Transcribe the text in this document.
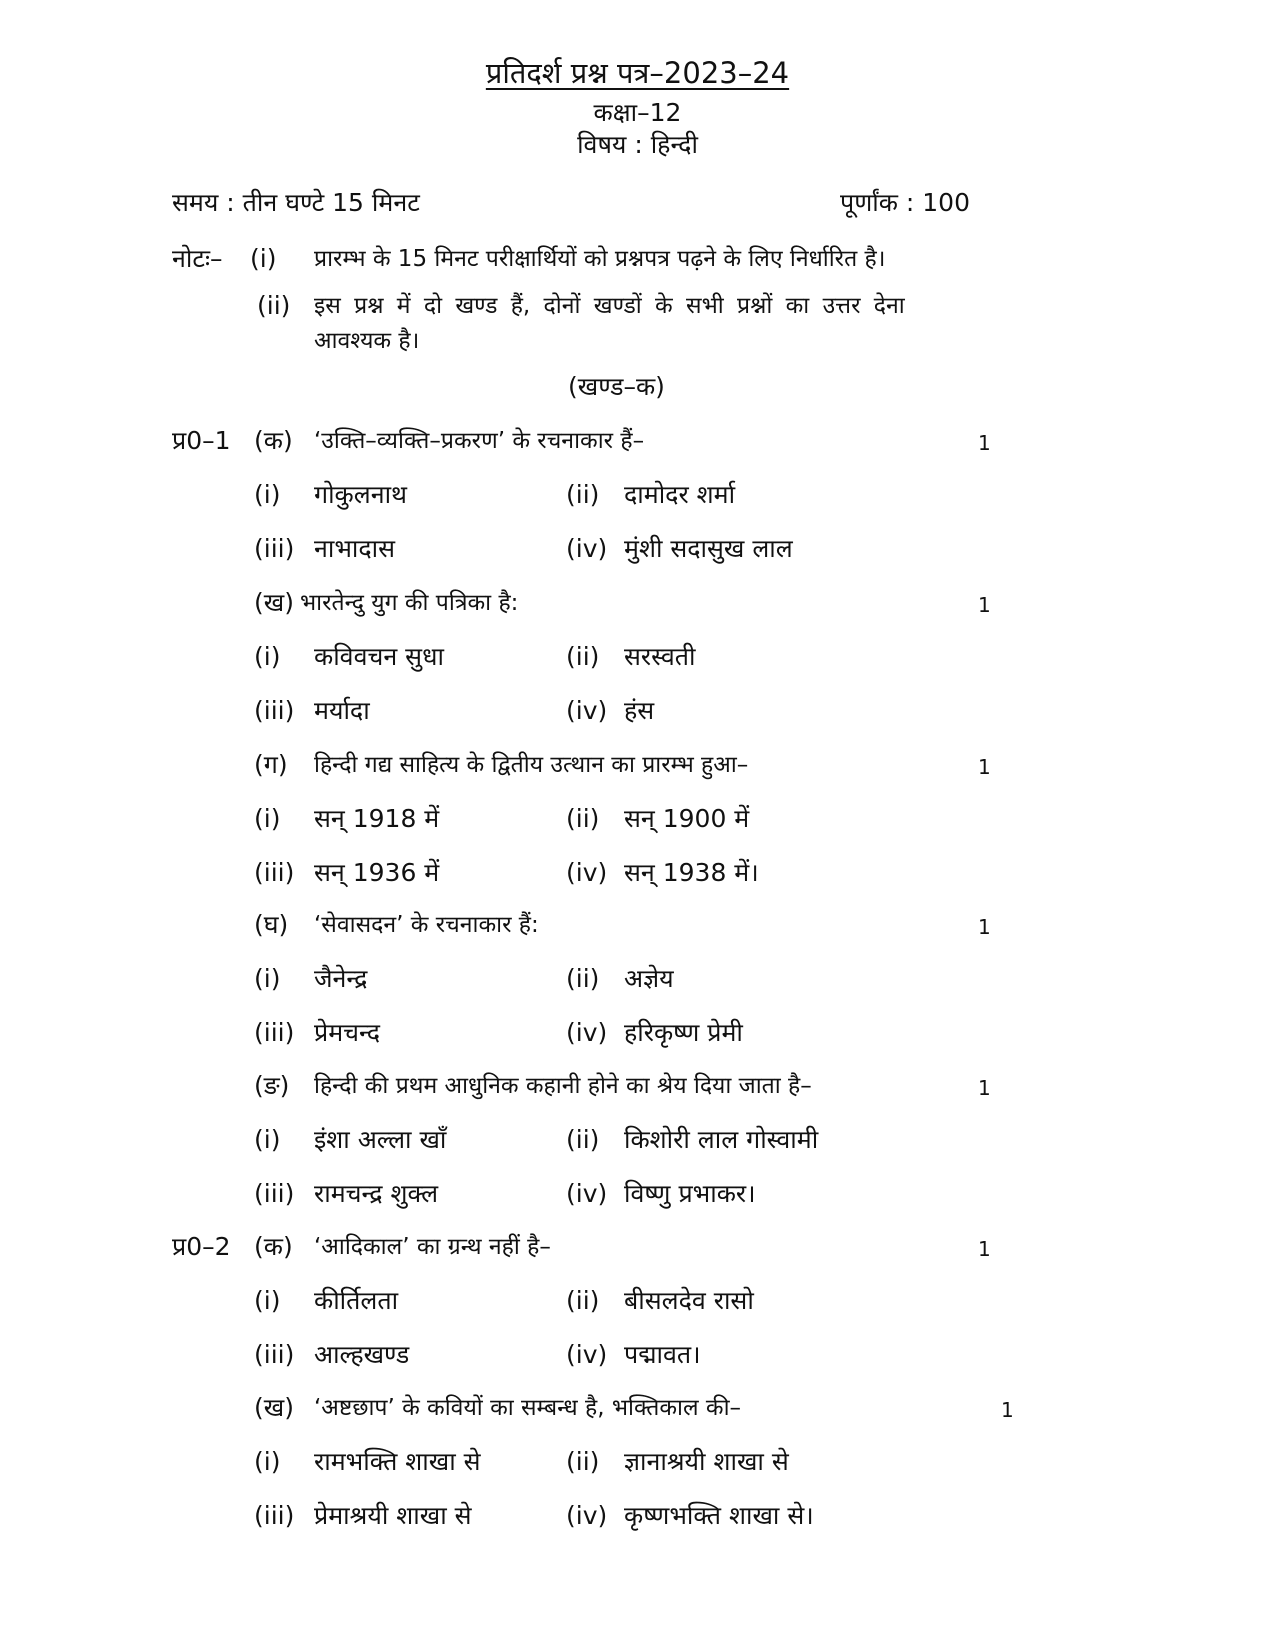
प्रतिदर्श प्रश्न पत्र–2023–24
कक्षा–12
विषय : हिन्दी
समय : तीन घण्टे 15 मिनट	पूर्णांक : 100
नोटः– (i) प्रारम्भ के 15 मिनट परीक्षार्थियों को प्रश्नपत्र पढ़ने के लिए निर्धारित है।
(ii) इस प्रश्न में दो खण्ड हैं, दोनों खण्डों के सभी प्रश्नों का उत्तर देना
आवश्यक है।
(खण्ड–क)
प्र0–1 (क) ‘उक्ति–व्यक्ति–प्रकरण’ के रचनाकार हैं–	1
(i) गोकुलनाथ	(ii) दामोदर शर्मा
(iii) नाभादास	(iv) मुंशी सदासुख लाल
(ख) भारतेन्दु युग की पत्रिका है:	1
(i) कविवचन सुधा	(ii) सरस्वती
(iii) मर्यादा	(iv) हंस
(ग) हिन्दी गद्य साहित्य के द्वितीय उत्थान का प्रारम्भ हुआ–	1
(i) सन् 1918 में	(ii) सन् 1900 में
(iii) सन् 1936 में	(iv) सन् 1938 में।
(घ) ‘सेवासदन’ के रचनाकार हैं:	1
(i) जैनेन्द्र	(ii) अज्ञेय
(iii) प्रेमचन्द	(iv) हरिकृष्ण प्रेमी
(ङ) हिन्दी की प्रथम आधुनिक कहानी होने का श्रेय दिया जाता है–	1
(i) इंशा अल्ला खाँ	(ii) किशोरी लाल गोस्वामी
(iii) रामचन्द्र शुक्ल	(iv) विष्णु प्रभाकर।
प्र0–2 (क) ‘आदिकाल’ का ग्रन्थ नहीं है–	1
(i) कीर्तिलता	(ii) बीसलदेव रासो
(iii) आल्हखण्ड	(iv) पद्मावत।
(ख) ‘अष्टछाप’ के कवियों का सम्बन्ध है, भक्तिकाल की–	1
(i) रामभक्ति शाखा से	(ii) ज्ञानाश्रयी शाखा से
(iii) प्रेमाश्रयी शाखा से	(iv) कृष्णभक्ति शाखा से।
